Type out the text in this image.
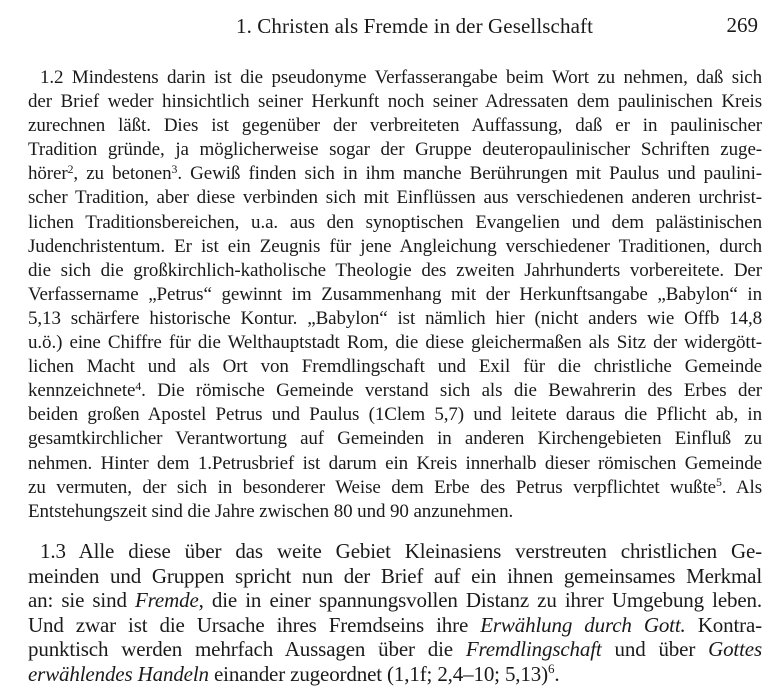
1. Christen als Fremde in der Gesellschaft	269
1.2 Mindestens darin ist die pseudonyme Verfasserangabe beim Wort zu nehmen, daß sich
der Brief weder hinsichtlich seiner Herkunft noch seiner Adressaten dem paulinischen Kreis
zurechnen läßt. Dies ist gegenüber der verbreiteten Auffassung, daß er in paulinischer
Tradition gründe, ja möglicherweise sogar der Gruppe deuteropaulinischer Schriften zuge-
hörer$^2$, zu betonen$^3$. Gewiß finden sich in ihm manche Berührungen mit Paulus und paulini-
scher Tradition, aber diese verbinden sich mit Einflüssen aus verschiedenen anderen urchrist-
lichen Traditionsbereichen, u.a. aus den synoptischen Evangelien und dem palästinischen
Judenchristentum. Er ist ein Zeugnis für jene Angleichung verschiedener Traditionen, durch
die sich die großkirchlich-katholische Theologie des zweiten Jahrhunderts vorbereitete. Der
Verfassername „Petrus“ gewinnt im Zusammenhang mit der Herkunftsangabe „Babylon“ in
5,13 schärfere historische Kontur. „Babylon“ ist nämlich hier (nicht anders wie Offb 14,8
u.ö.) eine Chiffre für die Welthauptstadt Rom, die diese gleichermaßen als Sitz der widergött-
lichen Macht und als Ort von Fremdlingschaft und Exil für die christliche Gemeinde
kennzeichnete$^4$. Die römische Gemeinde verstand sich als die Bewahrerin des Erbes der
beiden großen Apostel Petrus und Paulus (1Clem 5,7) und leitete daraus die Pflicht ab, in
gesamtkirchlicher Verantwortung auf Gemeinden in anderen Kirchengebieten Einfluß zu
nehmen. Hinter dem 1.Petrusbrief ist darum ein Kreis innerhalb dieser römischen Gemeinde
zu vermuten, der sich in besonderer Weise dem Erbe des Petrus verpflichtet wußte$^5$. Als
Entstehungszeit sind die Jahre zwischen 80 und 90 anzunehmen.
1.3 Alle diese über das weite Gebiet Kleinasiens verstreuten christlichen Ge-
meinden und Gruppen spricht nun der Brief auf ein ihnen gemeinsames Merkmal
an: sie sind Fremde, die in einer spannungsvollen Distanz zu ihrer Umgebung leben.
Und zwar ist die Ursache ihres Fremdseins ihre Erwählung durch Gott. Kontra-
punktisch werden mehrfach Aussagen über die Fremdlingschaft und über Gottes
erwählendes Handeln einander zugeordnet (1,1f; 2,4–10; 5,13)$^6$.
